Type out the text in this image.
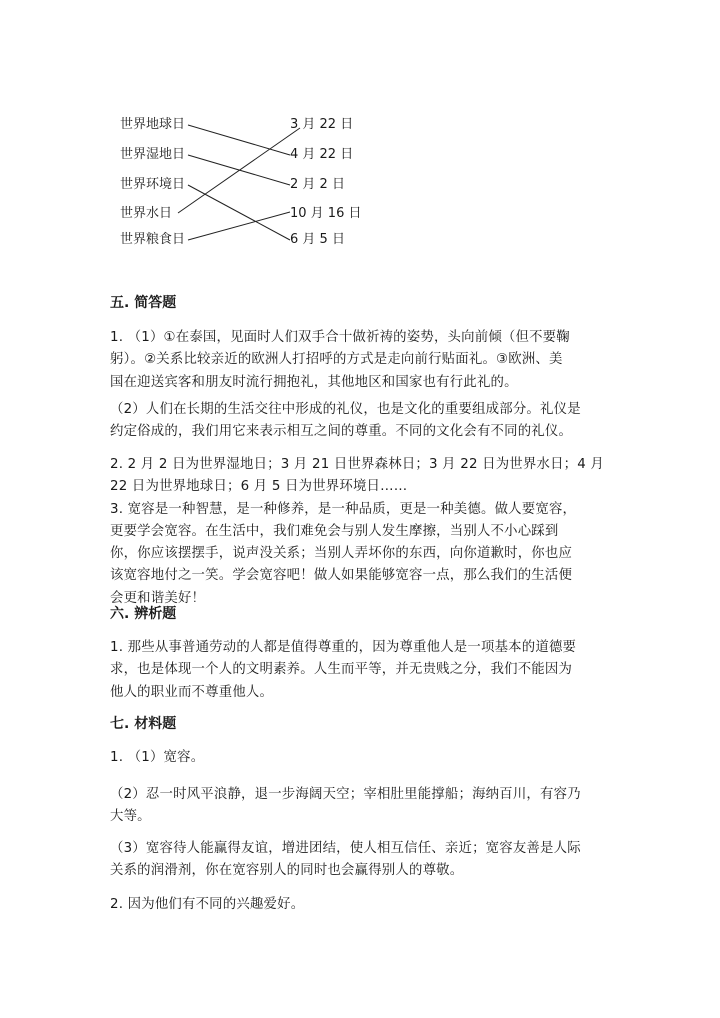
世界地球日
世界湿地日
世界环境日
世界水日
世界粮食日
3 月 22 日
4 月 22 日
2 月 2 日
10 月 16 日
6 月 5 日
五. 简答题
1. （1）①在泰国，见面时人们双手合十做祈祷的姿势，头向前倾（但不要鞠
躬）。②关系比较亲近的欧洲人打招呼的方式是走向前行贴面礼。③欧洲、美
国在迎送宾客和朋友时流行拥抱礼，其他地区和国家也有行此礼的。
（2）人们在长期的生活交往中形成的礼仪，也是文化的重要组成部分。礼仪是
约定俗成的，我们用它来表示相互之间的尊重。不同的文化会有不同的礼仪。
2. 2 月 2 日为世界湿地日；3 月 21 日世界森林日；3 月 22 日为世界水日；4 月
22 日为世界地球日；6 月 5 日为世界环境日……
3. 宽容是一种智慧，是一种修养，是一种品质，更是一种美德。做人要宽容，
更要学会宽容。在生活中，我们难免会与别人发生摩擦，当别人不小心踩到
你，你应该摆摆手，说声没关系；当别人弄坏你的东西，向你道歉时，你也应
该宽容地付之一笑。学会宽容吧！做人如果能够宽容一点，那么我们的生活便
会更和谐美好！
六. 辨析题
1. 那些从事普通劳动的人都是值得尊重的，因为尊重他人是一项基本的道德要
求，也是体现一个人的文明素养。人生而平等，并无贵贱之分，我们不能因为
他人的职业而不尊重他人。
七. 材料题
1. （1）宽容。
（2）忍一时风平浪静，退一步海阔天空；宰相肚里能撑船；海纳百川，有容乃
大等。
（3）宽容待人能赢得友谊，增进团结，使人相互信任、亲近；宽容友善是人际
关系的润滑剂，你在宽容别人的同时也会赢得别人的尊敬。
2. 因为他们有不同的兴趣爱好。
